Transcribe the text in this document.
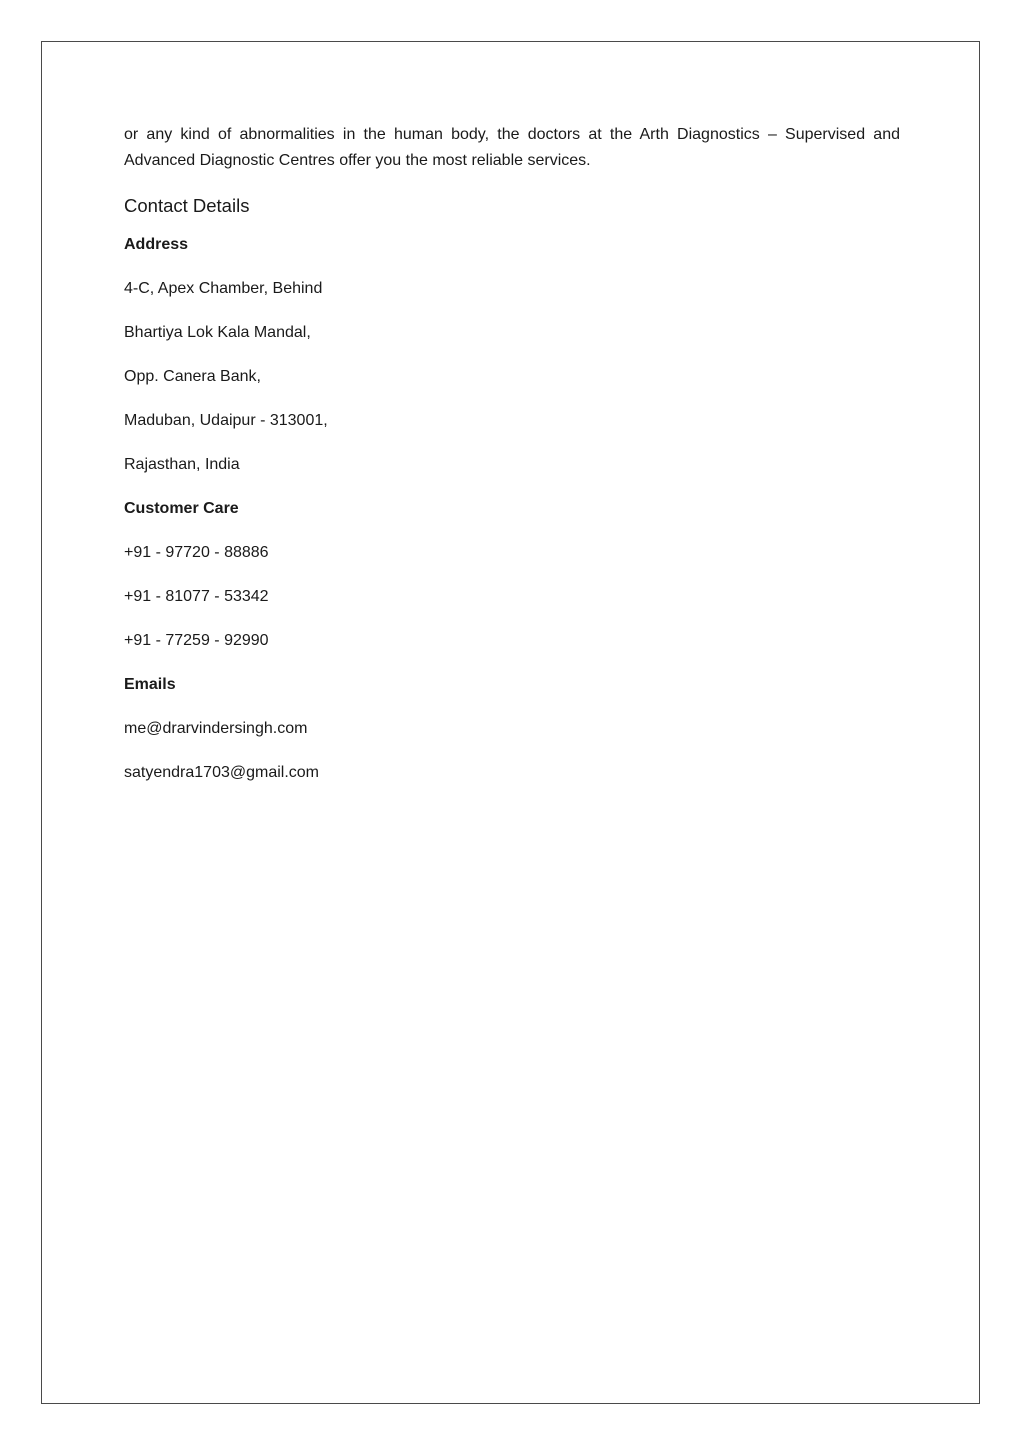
or any kind of abnormalities in the human body, the doctors at the Arth Diagnostics – Supervised and Advanced Diagnostic Centres offer you the most reliable services.

Contact Details

Address

4-C, Apex Chamber, Behind

Bhartiya Lok Kala Mandal,

Opp. Canera Bank,

Maduban, Udaipur - 313001,

Rajasthan, India

Customer Care

+91 - 97720 - 88886

+91 - 81077 - 53342

+91 - 77259 - 92990

Emails

me@drarvindersingh.com

satyendra1703@gmail.com
